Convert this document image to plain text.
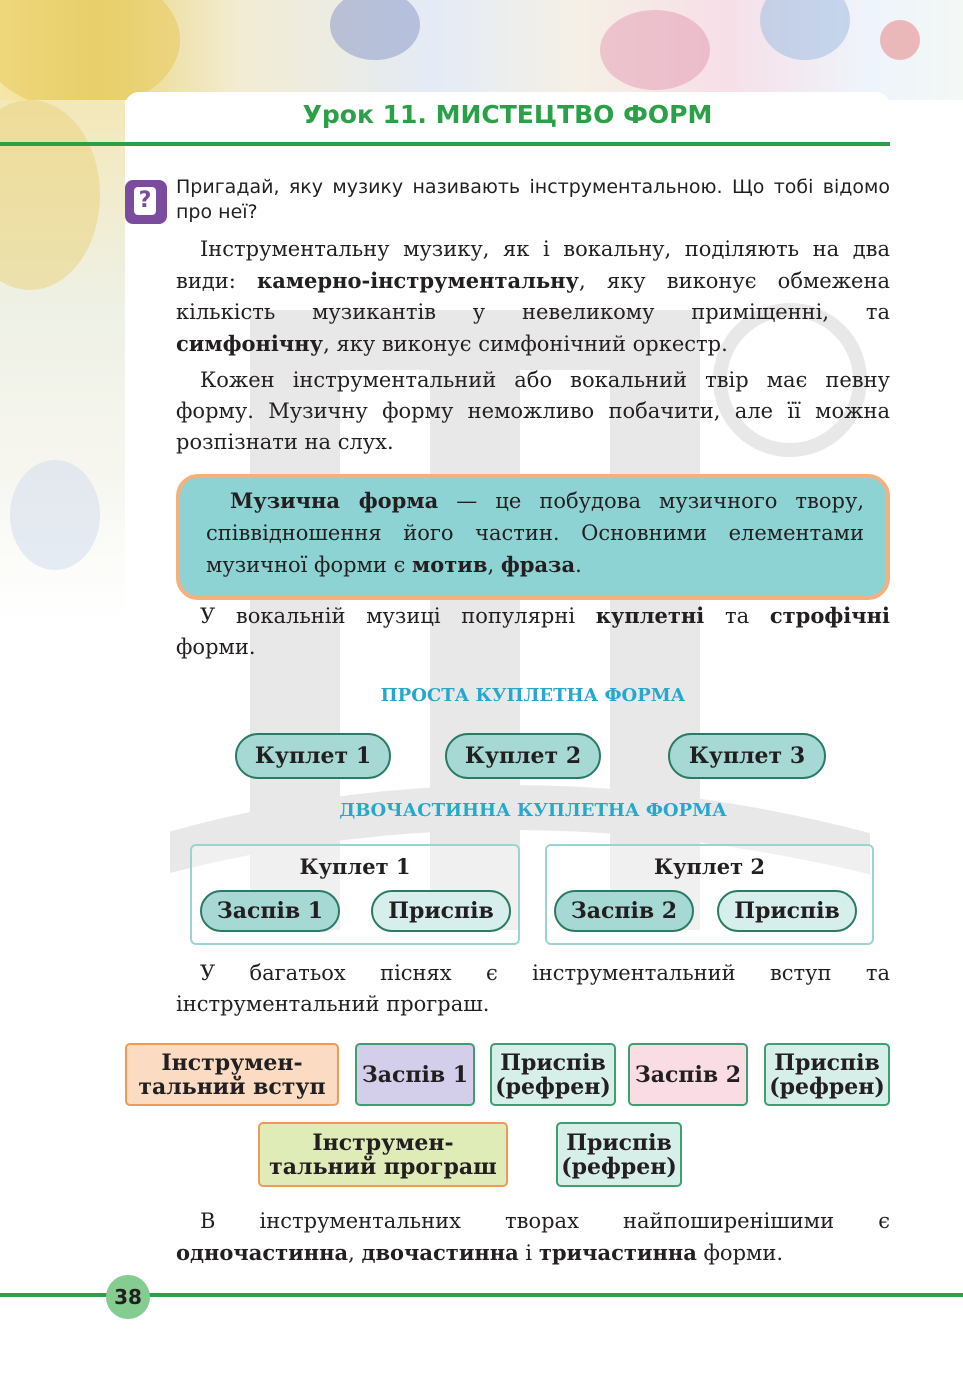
Урок 11. МИСТЕЦТВО ФОРМ
?
Пригадай, яку музику називають інструментальною. Що тобі відомо про неї?
Інструментальну музику, як і вокальну, поділяють на два види: камерно-інструментальну, яку виконує обмежена кількість музикантів у невеликому приміщенні, та симфонічну, яку виконує симфонічний оркестр.
Кожен інструментальний або вокальний твір має певну форму. Музичну форму неможливо побачити, але її можна розпізнати на слух.
Музична форма — це побудова музичного твору, співвідношення його частин. Основними елементами музичної форми є мотив, фраза.
У вокальній музиці популярні куплетні та строфічні форми.
ПРОСТА КУПЛЕТНА ФОРМА
Куплет 1	Куплет 2	Куплет 3
ДВОЧАСТИННА КУПЛЕТНА ФОРМА
Куплет 1
Заспів 1	Приспів
Куплет 2
Заспів 2	Приспів
У багатьох піснях є інструментальний вступ та інструментальний програш.
Інструмен-
тальний вступ	Заспів 1	Приспів
(рефрен)	Заспів 2	Приспів
(рефрен)
Інструмен-
тальний програш
Приспів
(рефрен)
В інструментальних творах найпоширенішими є одночастинна, двочастинна і тричастинна форми.
38
